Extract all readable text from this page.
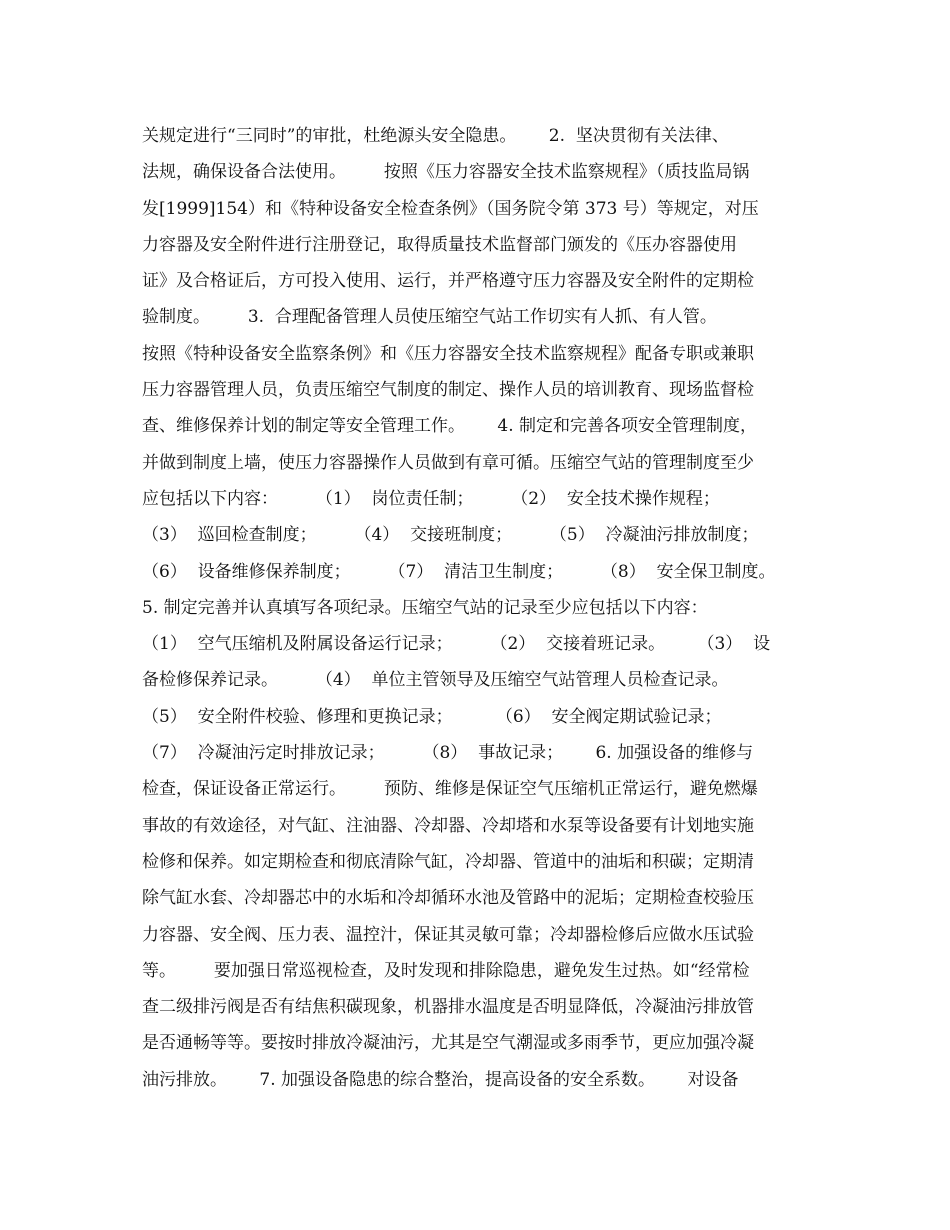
关规定进行“三同时”的审批，杜绝源头安全隐患。      2.  坚决贯彻有关法律、
法规，确保设备合法使用。       按照《压力容器安全技术监察规程》（质技监局锅
发[1999]154）和《特种设备安全检查条例》（国务院令第 373 号）等规定，对压
力容器及安全附件进行注册登记，取得质量技术监督部门颁发的《压办容器使用
证》及合格证后，方可投入使用、运行，并严格遵守压力容器及安全附件的定期检
验制度。       3.  合理配备管理人员使压缩空气站工作切实有人抓、有人管。
按照《特种设备安全监察条例》和《压力容器安全技术监察规程》配备专职或兼职
压力容器管理人员，负责压缩空气制度的制定、操作人员的培训教育、现场监督检
查、维修保养计划的制定等安全管理工作。      4. 制定和完善各项安全管理制度，
并做到制度上墙，使压力容器操作人员做到有章可循。压缩空气站的管理制度至少
应包括以下内容：       （1）  岗位责任制；       （2）  安全技术操作规程；
（3）  巡回检查制度；       （4）  交接班制度；       （5）  冷凝油污排放制度；
（6）  设备维修保养制度；       （7）  清洁卫生制度；       （8）  安全保卫制度。
5. 制定完善并认真填写各项纪录。压缩空气站的记录至少应包括以下内容：
（1）  空气压缩机及附属设备运行记录；       （2）  交接着班记录。      （3）  设
备检修保养记录。       （4）  单位主管领导及压缩空气站管理人员检查记录。
（5）  安全附件校验、修理和更换记录；        （6）  安全阀定期试验记录；
（7）  冷凝油污定时排放记录；       （8）  事故记录；      6. 加强设备的维修与
检查，保证设备正常运行。       预防、维修是保证空气压缩机正常运行，避免燃爆
事故的有效途径，对气缸、注油器、冷却器、冷却塔和水泵等设备要有计划地实施
检修和保养。如定期检查和彻底清除气缸，冷却器、管道中的油垢和积碳；定期清
除气缸水套、冷却器芯中的水垢和冷却循环水池及管路中的泥垢；定期检查校验压
力容器、安全阀、压力表、温控汁，保证其灵敏可靠；冷却器检修后应做水压试验
等。       要加强日常巡视检查，及时发现和排除隐患，避免发生过热。如“经常检
查二级排污阀是否有结焦积碳现象，机器排水温度是否明显降低，冷凝油污排放管
是否通畅等等。要按时排放冷凝油污，尤其是空气潮湿或多雨季节，更应加强冷凝
油污排放。      7. 加强设备隐患的综合整治，提高设备的安全系数。      对设备
